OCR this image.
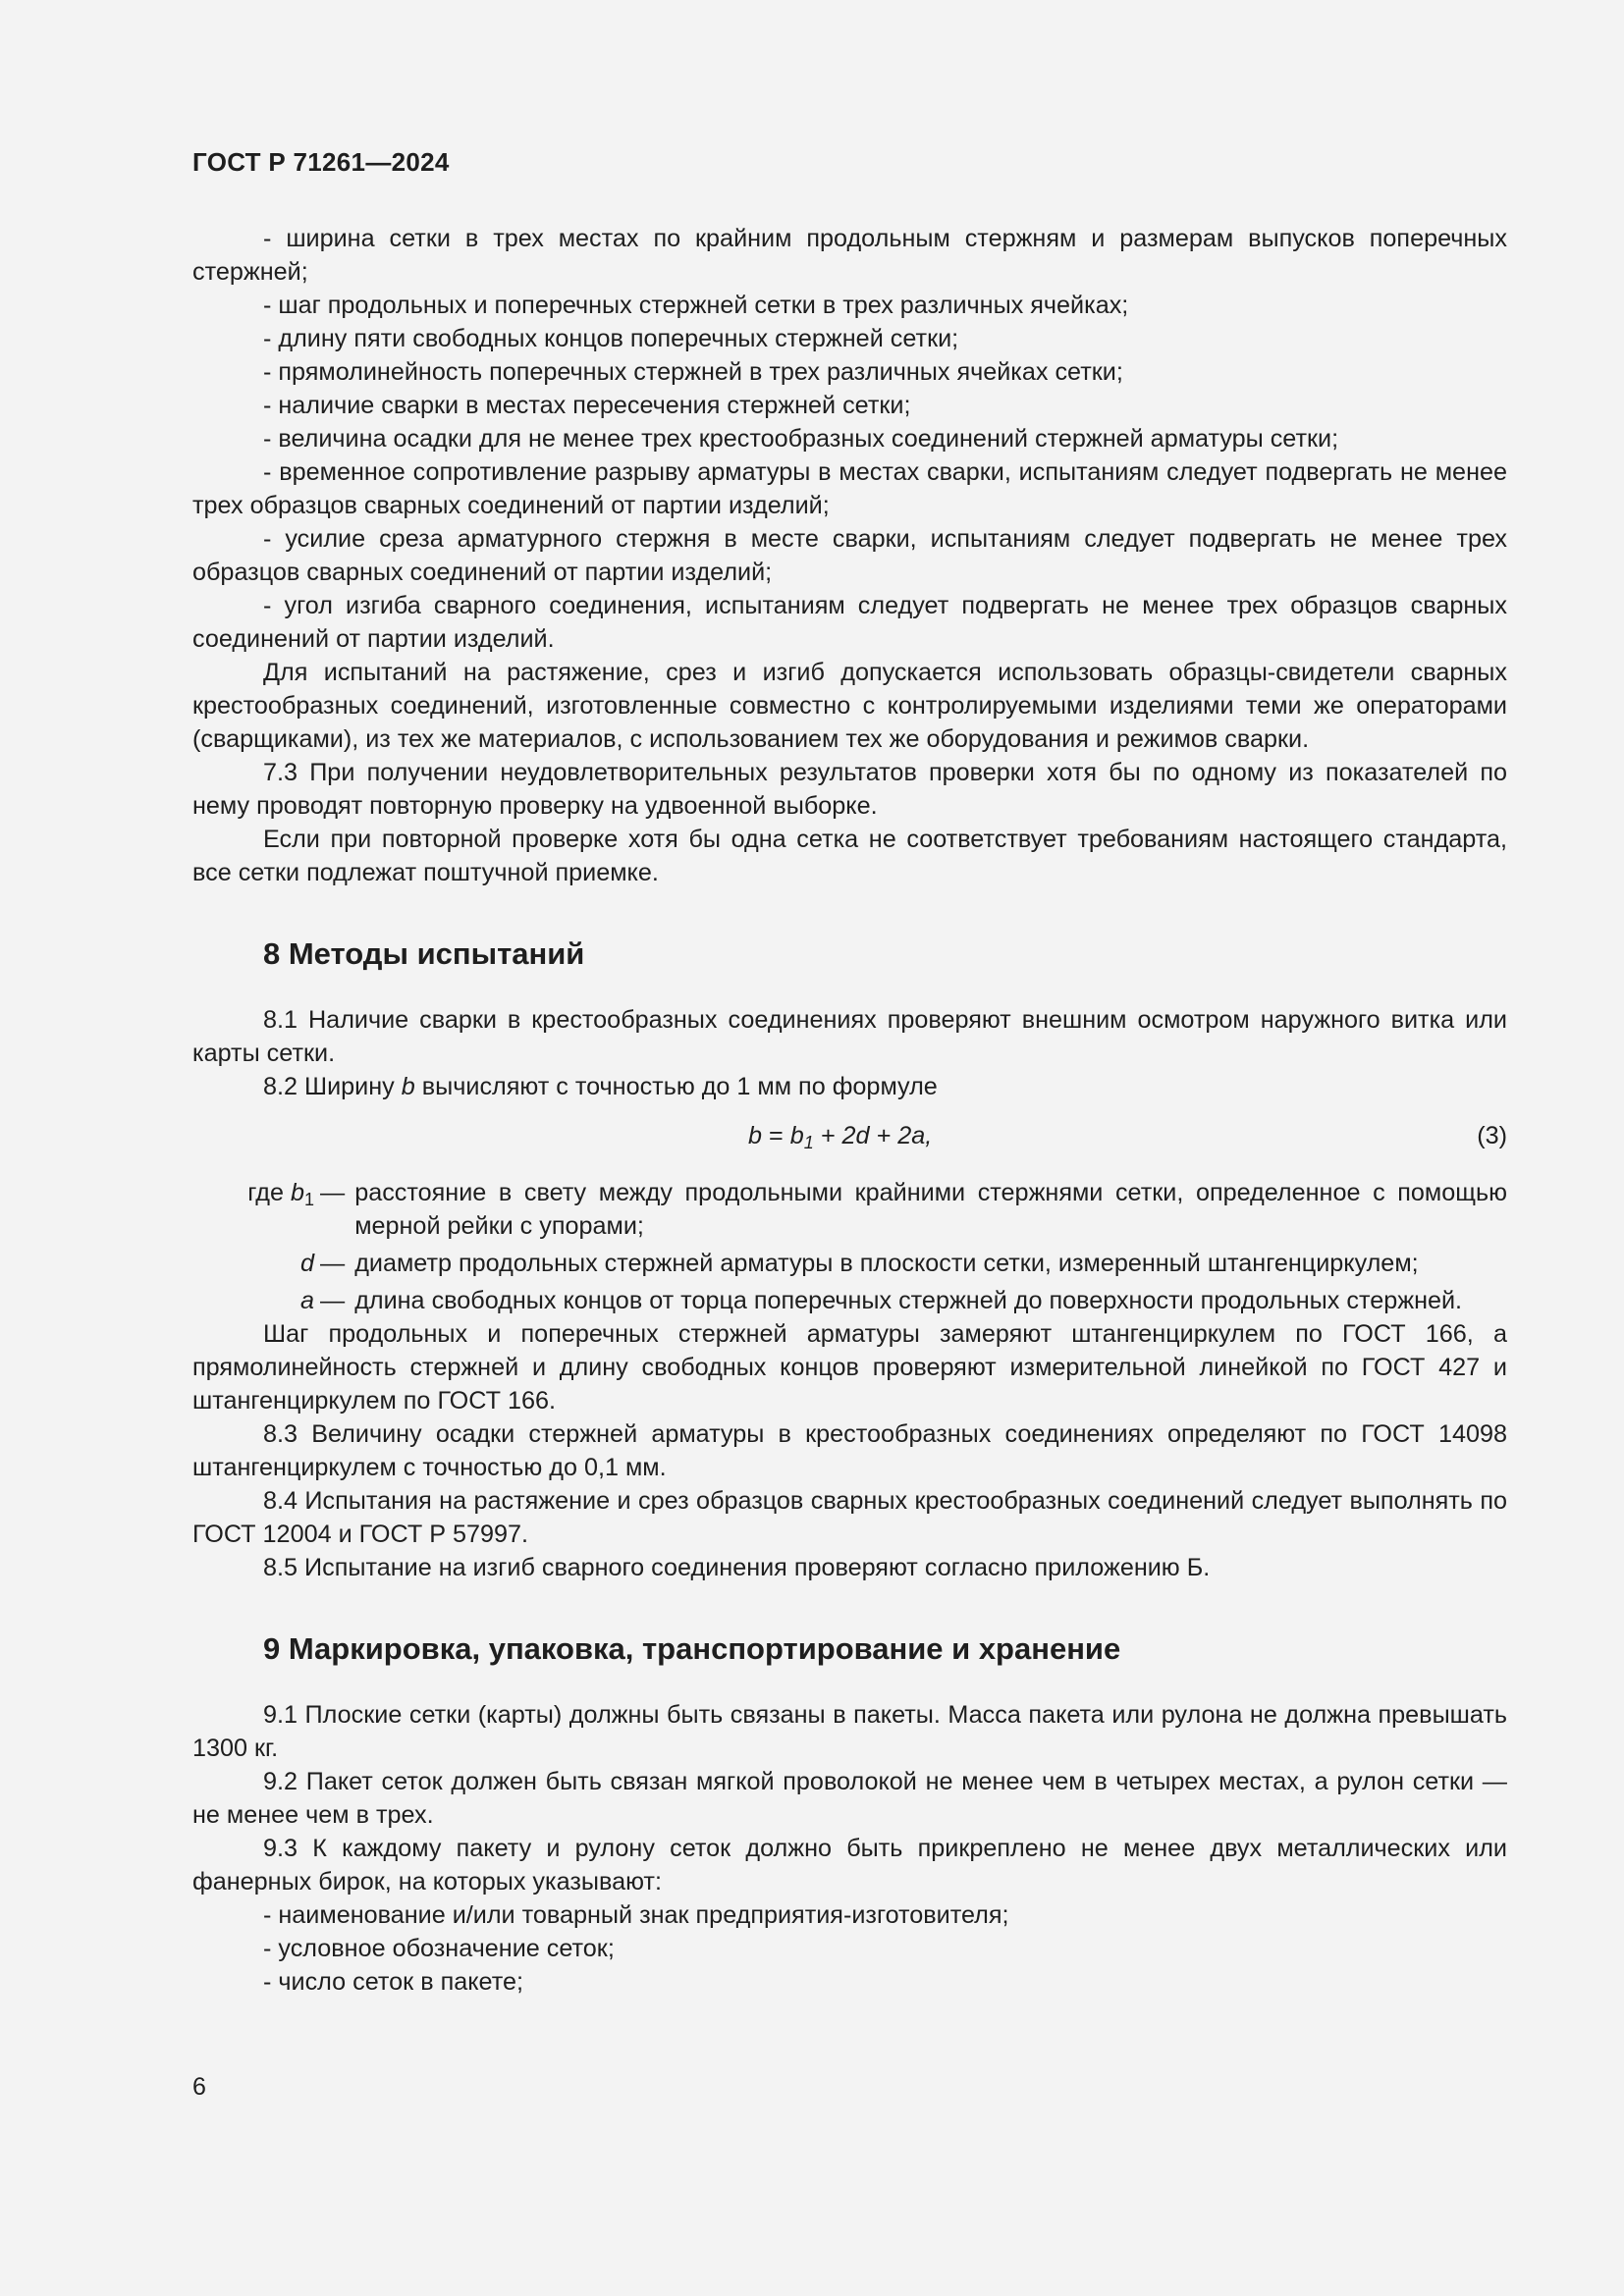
ГОСТ Р 71261—2024

- ширина сетки в трех местах по крайним продольным стержням и размерам выпусков поперечных стержней;

- шаг продольных и поперечных стержней сетки в трех различных ячейках;

- длину пяти свободных концов поперечных стержней сетки;

- прямолинейность поперечных стержней в трех различных ячейках сетки;

- наличие сварки в местах пересечения стержней сетки;

- величина осадки для не менее трех крестообразных соединений стержней арматуры сетки;

- временное сопротивление разрыву арматуры в местах сварки, испытаниям следует подвергать не менее трех образцов сварных соединений от партии изделий;

- усилие среза арматурного стержня в месте сварки, испытаниям следует подвергать не менее трех образцов сварных соединений от партии изделий;

- угол изгиба сварного соединения, испытаниям следует подвергать не менее трех образцов сварных соединений от партии изделий.

Для испытаний на растяжение, срез и изгиб допускается использовать образцы-свидетели сварных крестообразных соединений, изготовленные совместно с контролируемыми изделиями теми же операторами (сварщиками), из тех же материалов, с использованием тех же оборудования и режимов сварки.

7.3 При получении неудовлетворительных результатов проверки хотя бы по одному из показателей по нему проводят повторную проверку на удвоенной выборке.

Если при повторной проверке хотя бы одна сетка не соответствует требованиям настоящего стандарта, все сетки подлежат поштучной приемке.

8 Методы испытаний

8.1 Наличие сварки в крестообразных соединениях проверяют внешним осмотром наружного витка или карты сетки.

8.2 Ширину b вычисляют с точностью до 1 мм по формуле

$b = b_1 + 2d + 2a$,	(3)
где $b_1$ — расстояние в свету между продольными крайними стержнями сетки, определенное с помощью мерной рейки с упорами;
d — диаметр продольных стержней арматуры в плоскости сетки, измеренный штангенциркулем;
a — длина свободных концов от торца поперечных стержней до поверхности продольных стержней.

Шаг продольных и поперечных стержней арматуры замеряют штангенциркулем по ГОСТ 166, а прямолинейность стержней и длину свободных концов проверяют измерительной линейкой по ГОСТ 427 и штангенциркулем по ГОСТ 166.

8.3 Величину осадки стержней арматуры в крестообразных соединениях определяют по ГОСТ 14098 штангенциркулем с точностью до 0,1 мм.

8.4 Испытания на растяжение и срез образцов сварных крестообразных соединений следует выполнять по ГОСТ 12004 и ГОСТ Р 57997.

8.5 Испытание на изгиб сварного соединения проверяют согласно приложению Б.

9 Маркировка, упаковка, транспортирование и хранение

9.1 Плоские сетки (карты) должны быть связаны в пакеты. Масса пакета или рулона не должна превышать 1300 кг.

9.2 Пакет сеток должен быть связан мягкой проволокой не менее чем в четырех местах, а рулон сетки — не менее чем в трех.

9.3 К каждому пакету и рулону сеток должно быть прикреплено не менее двух металлических или фанерных бирок, на которых указывают:

- наименование и/или товарный знак предприятия-изготовителя;

- условное обозначение сеток;

- число сеток в пакете;

6
